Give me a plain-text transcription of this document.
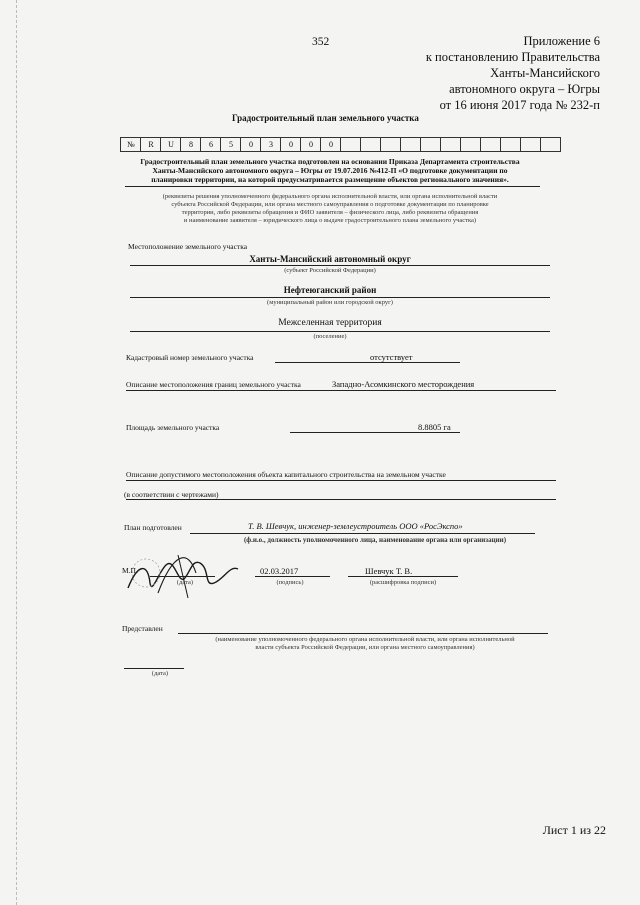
352	Приложение 6
к постановлению Правительства
Ханты-Мансийского
автономного округа – Югры
от 16 июня 2017 года № 232-п
Градостроительный план земельного участка
№	R	U	8	6	5	0	3	0	0	0
Градостроительный план земельного участка подготовлен на основании Приказа Департамента строительства
Ханты-Мансийского автономного округа – Югры от 19.07.2016 №412-П «О подготовке документации по
планировки территории, на которой предусматривается размещение объектов регионального значения».
(реквизиты решения уполномоченного федерального органа исполнительной власти, или органа исполнительной власти
субъекта Российской Федерации, или органа местного самоуправления о подготовке документации по планировке
территории, либо реквизиты обращения и ФИО заявителя – физического лица, либо реквизиты обращения
и наименование заявителя – юридического лица о выдаче градостроительного плана земельного участка)
Местоположение земельного участка
Ханты-Мансийский автономный округ
(субъект Российской Федерации)
Нефтеюганский район
(муниципальный район или городской округ)
Межселенная территория
(поселение)
Кадастровый номер земельного участка	отсутствует
Описание местоположения границ земельного участка	Западно-Асомкинского месторождения
Площадь земельного участка	8.8805 га
Описание допустимого местоположения объекта капитального строительства на земельном участке
(в соответствии с чертежами)
План подготовлен	Т. В. Шевчук, инженер-землеустроитель ООО «РосЭкспо»
(ф.и.о., должность уполномоченного лица, наименование органа или организации)
М.П.
(дата)
02.03.2017
(подпись)
Шевчук Т. В.
(расшифровка подписи)
Представлен
(наименование уполномоченного федерального органа исполнительной власти, или органа исполнительной
власти субъекта Российской Федерации, или органа местного самоуправления)
(дата)
Лист 1 из 22
